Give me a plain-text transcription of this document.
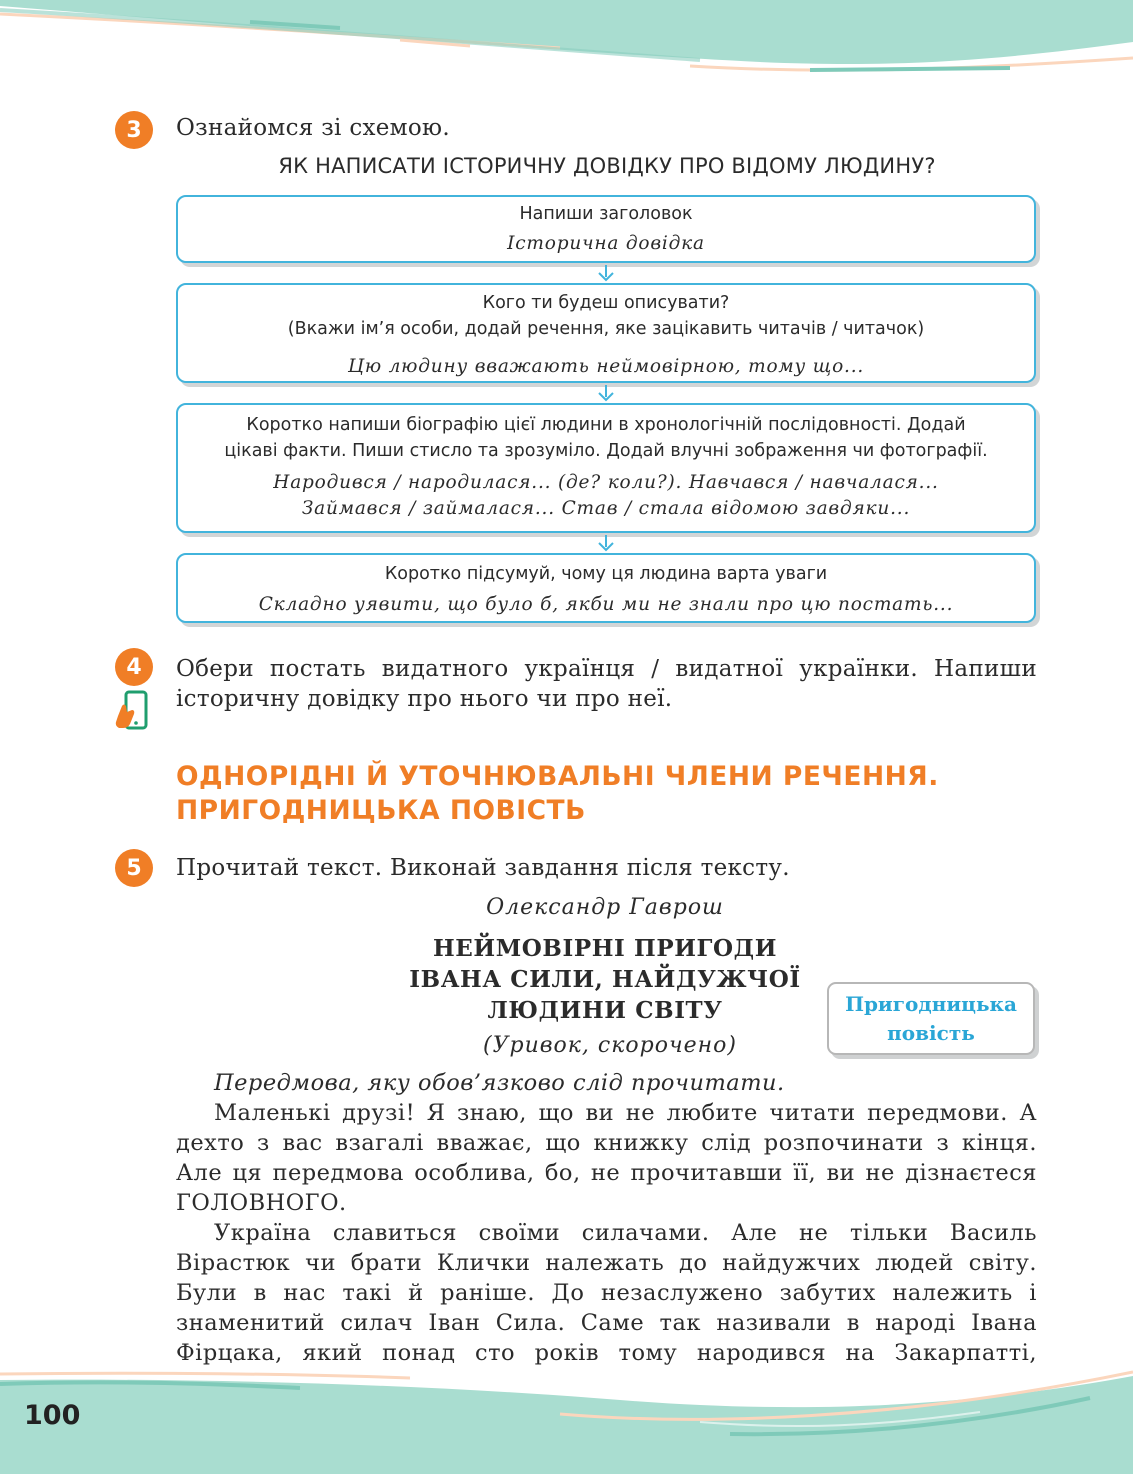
3	Ознайомся зі схемою.
ЯК НАПИСАТИ ІСТОРИЧНУ ДОВІДКУ ПРО ВІДОМУ ЛЮДИНУ?
Напиши заголовок
Історична довідка
Кого ти будеш описувати?
(Вкажи ім’я особи, додай речення, яке зацікавить читачів / читачок)
Цю людину вважають неймовірною, тому що...
Коротко напиши біографію цієї людини в хронологічній послідовності. Додай
цікаві факти. Пиши стисло та зрозуміло. Додай влучні зображення чи фотографії.
Народився / народилася... (де? коли?). Навчався / навчалася...
Займався / займалася... Став / стала відомою завдяки...
Коротко підсумуй, чому ця людина варта уваги
Складно уявити, що було б, якби ми не знали про цю постать...
4	Обери постать видатного українця / видатної українки. Напиши
історичну довідку про нього чи про неї.
ОДНОРІДНІ Й УТОЧНЮВАЛЬНІ ЧЛЕНИ РЕЧЕННЯ.
ПРИГОДНИЦЬКА ПОВІСТЬ
5	Прочитай текст. Виконай завдання після тексту.
Олександр Гаврош
НЕЙМОВІРНІ ПРИГОДИ
ІВАНА СИЛИ, НАЙДУЖЧОЇ
ЛЮДИНИ СВІТУ
(Уривок, скорочено)
Пригодницька
повість

Передмова, яку обов’язково слід прочитати.

Маленькі друзі! Я знаю, що ви не любите читати передмови. А дехто з вас взагалі вважає, що книжку слід розпочинати з кінця. Але ця передмова особлива, бо, не прочитавши її, ви не дізнаєтеся ГОЛОВНОГО.

Україна славиться своїми силачами. Але не тільки Василь Вірастюк чи брати Клички належать до найдужчих людей світу. Були в нас такі й раніше. До незаслужено забутих належить і знаменитий силач Іван Сила. Саме так називали в народі Івана Фірцака, який понад сто років тому народився на Закарпатті,

100
